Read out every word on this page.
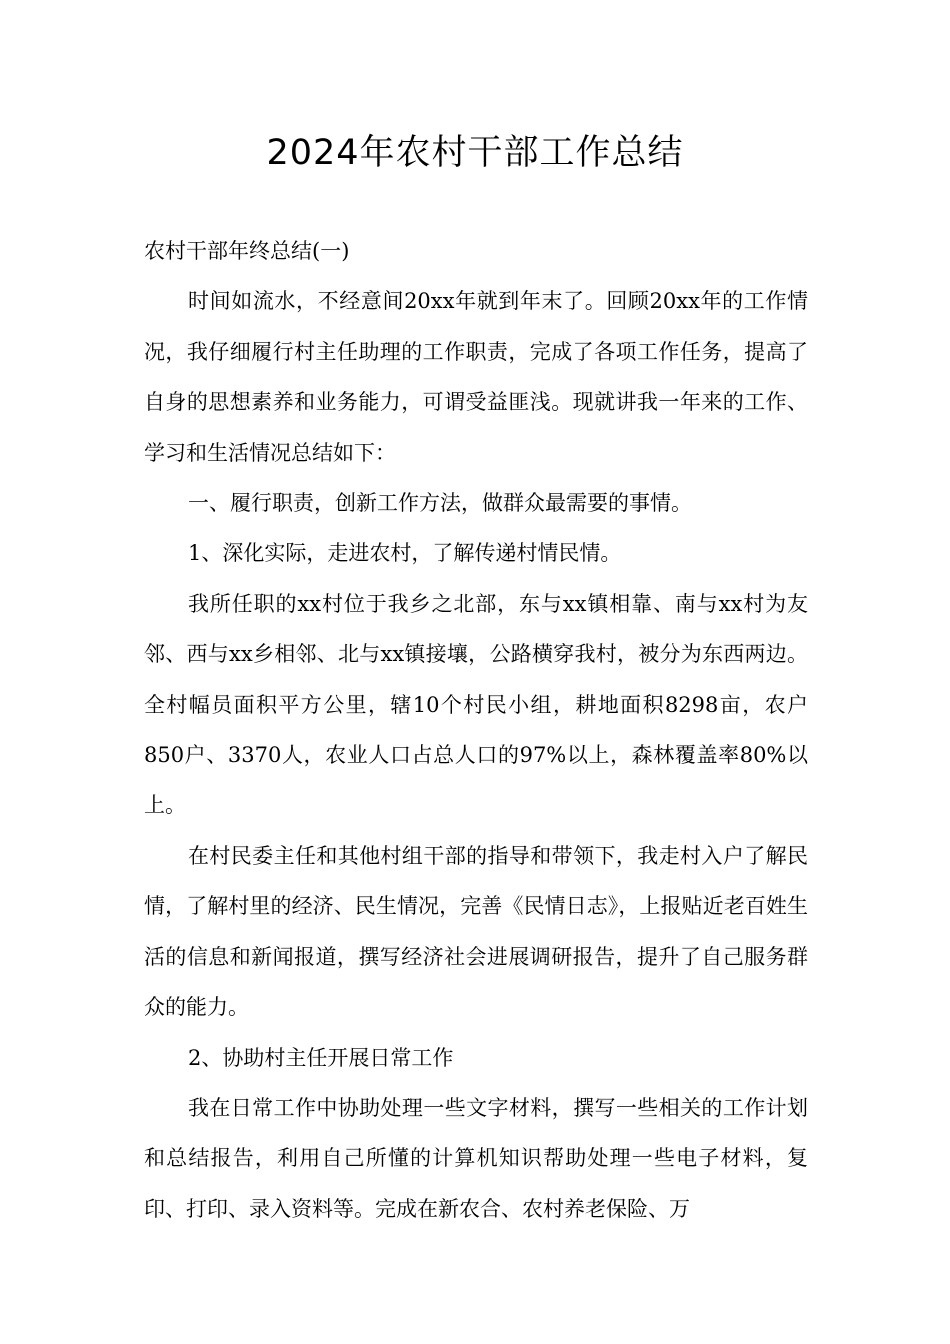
2024年农村干部工作总结

农村干部年终总结(一)

时间如流水，不经意间20xx年就到年末了。回顾20xx年的工作情况，我仔细履行村主任助理的工作职责，完成了各项工作任务，提高了自身的思想素养和业务能力，可谓受益匪浅。现就讲我一年来的工作、学习和生活情况总结如下：

一、履行职责，创新工作方法，做群众最需要的事情。

1、深化实际，走进农村，了解传递村情民情。

我所任职的xx村位于我乡之北部，东与xx镇相靠、南与xx村为友邻、西与xx乡相邻、北与xx镇接壤，公路横穿我村，被分为东西两边。全村幅员面积平方公里，辖10个村民小组，耕地面积8298亩，农户850户、3370人，农业人口占总人口的97%以上，森林覆盖率80%以上。

在村民委主任和其他村组干部的指导和带领下，我走村入户了解民情，了解村里的经济、民生情况，完善《民情日志》，上报贴近老百姓生活的信息和新闻报道，撰写经济社会进展调研报告，提升了自己服务群众的能力。

2、协助村主任开展日常工作

我在日常工作中协助处理一些文字材料，撰写一些相关的工作计划和总结报告，利用自己所懂的计算机知识帮助处理一些电子材料，复印、打印、录入资料等。完成在新农合、农村养老保险、万
